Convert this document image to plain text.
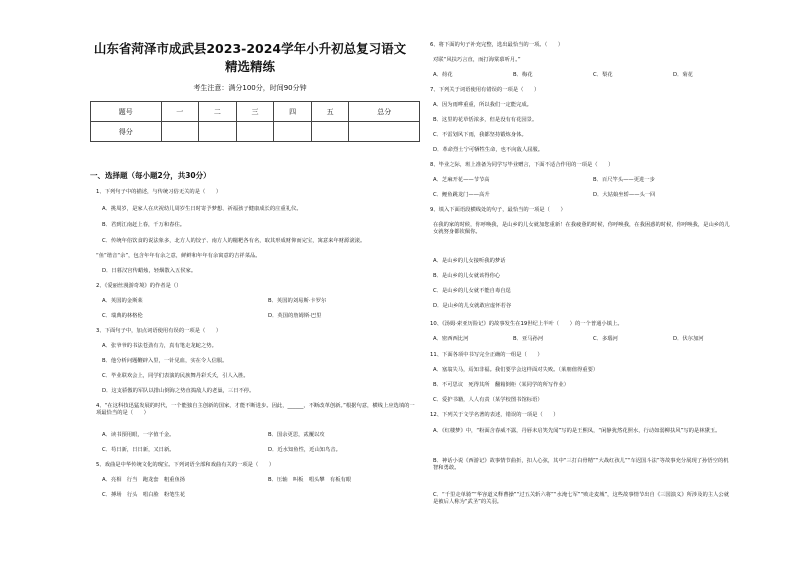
山东省菏泽市成武县2023-2024学年小升初总复习语文精选精练
考生注意：满分100分，时间90分钟
题号	一	二	三	四	五	总分
得分						
一、选择题（每小题2分，共30分）
1、下列句子中的描述，与传统习俗无关的是（　　）
A．挑周岁，是家人在庆祝幼儿周岁生日时寄予梦想、祈福孩子健康成长的庄重礼仪。
B．君到江南赶上春，千万和春住。
C．传统年俗饮食的说法象多，北方人的饺子、南方人的糍粑各有名，取其形成财仰而完宝，寓意来年财源滚滚。
“鱼”谐音“余”，包含年年有余之意，鲜鲜和年年有余寓意的吉祥菜品。
D．日暮汉宫传蜡烛，轻烟散入五侯家。
2、《爱丽丝漫游奇境》的作者是（）
A．英国的金斯莱	B．英国的刘易斯·卡罗尔
C．瑞典的林格伦	D．英国的詹姆斯·巴里
3、下面句子中，加点词语使用有误的一项是（　　）
A．张爷爷的书法苍劲有力，真有笔走龙蛇之势。
B．他分析问题鞭辟入里，一针见血，实在令人信服。
C．毕业联欢会上，同学们表演的民族舞丹彩夭夭，引人入胜。
D．这支骄傲的军队以排山倒海之势直捣敌人的老巢，三日不停。
4、“在这科技迅猛发展的时代，一个能独自主创新的国家，才能不断进步。因此，______，不断改革创新。”根据句意，横线上应选填的一项最恰当的是（　　）
A．读书预用眼，一字值千金。	B．国余更思，贰覆以攻
C．苟日新，日日新，又日新。	D．近水知鱼性，近山知鸟音。
5、戏曲是中华传统文化的瑰宝。下列词语全部和戏曲有关的一项是（　　）
A．亮相　行当　跑龙套　粗重鱼扬	B．压轴　叫板　唱头攀　有板有眼
C．搏场　行头　唱白脸　粉笔生花
6、将下面的句子补充完整，选出最恰当的一项。（　　）
对联“风扶巧言直，而打海棠慕听月。”
A．荷花	B．梅花	C．梨花	D．菊花
7、下列关于词语使用有错误的一项是（　　）
A．因为雨哗重重，所以我们一定能完成。
B．这里的花草恬浓多，但是没有有花园景。
C．不雷划风下雨，我都坚持锻炼身体。
D．革命烈士宁可牺牲生命，也不向敌人屈服。
8、毕业之际，班上准备为同学写毕业赠言，下面不适合作用的一项是（　　）
A．芝麻开花——节节高	B．百尺竿头——更进一步
C．鲤鱼跳龙门——高升	D．大姑娘坐轿——头一回
9、填入下面语段横线处的句子，最恰当的一项是（　　）
在我的家的时候，你呼唤我，是山乡的儿女就加您重新！在我疲惫的时候，你呼唤我，在我困惑的时候，你呼唤我，是山乡的儿女就努身都钦佩你。
A．是山乡的儿女接听我的梦话
B．是山乡的儿女就该得你心
C．是山乡的儿女就不能自毒自逞
D．是山乡的儿女就敢应虚怀若谷
10、《汤姆·索亚历险记》的故事发生在19世纪上半叶（　　）的一个普通小镇上。
A．密西西比河	B．亚马孙河	C．多瑙河	D．伏尔加河
11、下面各项中书写完全正确的一组是（　　）
A．塞翁失马，焉知非福。我们要学会这样面对失败。（莱朋值得重要）
B．不可思议　死得其所　翻箱倒柜（某同学的所写作业）
C．爱护书籍，人人有责（某学校图书馆标语）
12、下列关于文学名著的表述，错误的一项是（　　）
A．《红楼梦》中，“粉面含春威不露，丹唇未启笑先闻”写的是王熙凤，“闲静犹然花照水，行动如弱柳扶风”写的是林黛玉。
B．神话小说《西游记》故事情节曲折，扣人心弦，其中“三打白骨精”“大战红孩儿”“车迟国斗法”等故事充分展现了孙悟空的机智和勇敢。
C．“千里走单骑”“华容道义释曹操”“过五关斩六将”“水淹七军”“败走麦城”，这些故事情节出自《三国演义》所涉及的主人公就是被后人称为“武圣”的关羽。
